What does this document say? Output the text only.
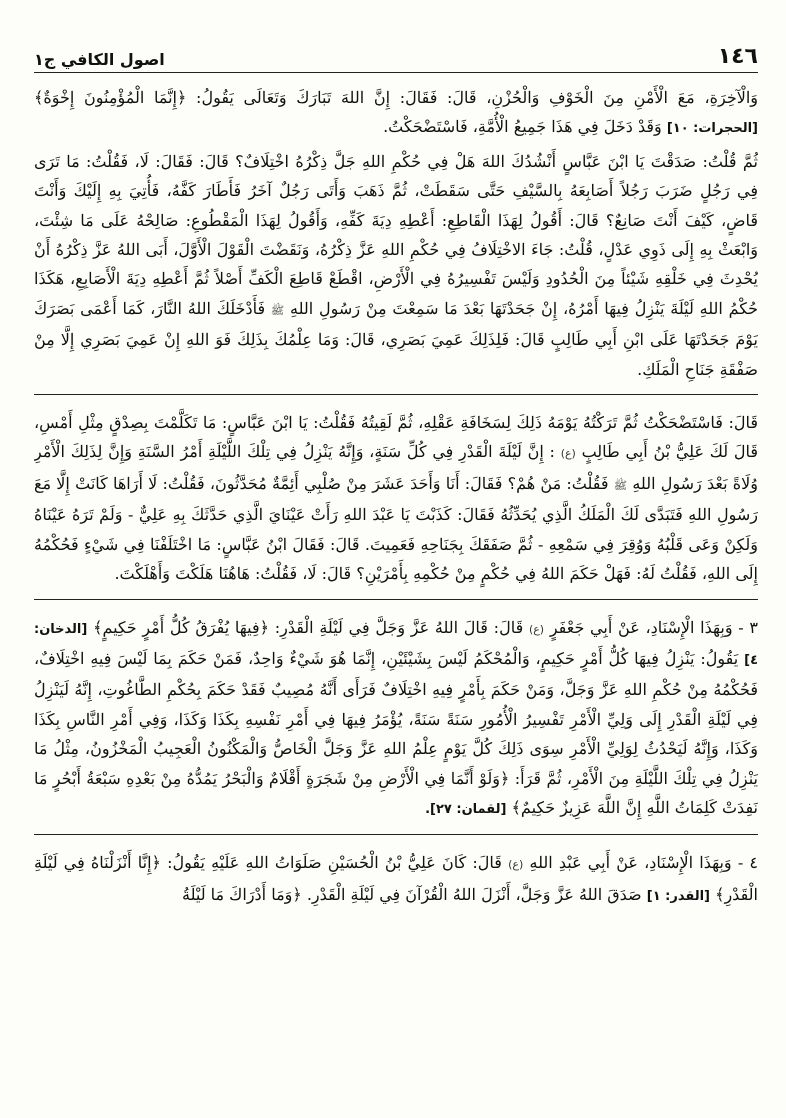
١٤٦
اصول الكافي ج١

وَالْآخِرَةِ، مَعَ الْأَمْنِ مِنَ الْخَوْفِ وَالْحُزْنِ، قَالَ: فَقَالَ: إِنَّ اللهَ تَبَارَكَ وَتَعَالَى يَقُولُ: ﴿إِنَّمَا الْمُؤْمِنُونَ إِخْوَةٌ﴾ [الحجرات: ١٠] وَقَدْ دَخَلَ فِي هَذَا جَمِيعُ الْأُمَّةِ، فَاسْتَضْحَكْتُ.

ثُمَّ قُلْتُ: صَدَقْتَ يَا ابْنَ عَبَّاسٍ أَنْشُدُكَ اللهَ هَلْ فِي حُكْمِ اللهِ جَلَّ ذِكْرُهُ اخْتِلَافٌ؟ قَالَ: فَقَالَ: لَا، فَقُلْتُ: مَا تَرَى فِي رَجُلٍ ضَرَبَ رَجُلاً أَصَابِعَهُ بِالسَّيْفِ حَتَّى سَقَطَتْ، ثُمَّ ذَهَبَ وَأَتَى رَجُلٌ آخَرُ فَأَطَارَ كَفَّهُ، فَأُتِيَ بِهِ إِلَيْكَ وَأَنْتَ قَاضٍ، كَيْفَ أَنْتَ صَانِعٌ؟ قَالَ: أَقُولُ لِهَذَا الْقَاطِعِ: أَعْطِهِ دِيَةَ كَفِّهِ، وَأَقُولُ لِهَذَا الْمَقْطُوعِ: صَالِحْهُ عَلَى مَا شِئْتَ، وَابْعَثْ بِهِ إِلَى ذَوِي عَدْلٍ، قُلْتُ: جَاءَ الاخْتِلَافُ فِي حُكْمِ اللهِ عَزَّ ذِكْرُهُ، وَنَقَضْتَ الْقَوْلَ الْأَوَّلَ، أَبَى اللهُ عَزَّ ذِكْرُهُ أَنْ يُحْدِثَ فِي خَلْقِهِ شَيْئاً مِنَ الْحُدُودِ وَلَيْسَ تَفْسِيرُهُ فِي الْأَرْضِ، اقْطَعْ قَاطِعَ الْكَفِّ أَصْلاً ثُمَّ أَعْطِهِ دِيَةَ الْأَصَابِعِ، هَكَذَا حُكْمُ اللهِ لَيْلَةَ يَنْزِلُ فِيهَا أَمْرُهُ، إِنْ جَحَدْتَهَا بَعْدَ مَا سَمِعْتَ مِنْ رَسُولِ اللهِ ﷺ فَأَدْخَلَكَ اللهُ النَّارَ، كَمَا أَعْمَى بَصَرَكَ يَوْمَ جَحَدْتَهَا عَلَى ابْنِ أَبِي طَالِبٍ قَالَ: فَلِذَلِكَ عَمِيَ بَصَرِي، قَالَ: وَمَا عِلْمُكَ بِذَلِكَ فَوَ اللهِ إِنْ عَمِيَ بَصَرِي إِلَّا مِنْ صَفْقَةِ جَنَاحِ الْمَلَكِ.

قَالَ: فَاسْتَضْحَكْتُ ثُمَّ تَرَكْتُهُ يَوْمَهُ ذَلِكَ لِسَخَافَةِ عَقْلِهِ، ثُمَّ لَقِيتُهُ فَقُلْتُ: يَا ابْنَ عَبَّاسٍ: مَا تَكَلَّمْتَ بِصِدْقٍ مِثْلِ أَمْسِ، قَالَ لَكَ عَلِيُّ بْنُ أَبِي طَالِبٍ (ع) : إِنَّ لَيْلَةَ الْقَدْرِ فِي كُلِّ سَنَةٍ، وَإِنَّهُ يَنْزِلُ فِي تِلْكَ اللَّيْلَةِ أَمْرُ السَّنَةِ وَإِنَّ لِذَلِكَ الْأَمْرِ وُلَاةً بَعْدَ رَسُولِ اللهِ ﷺ فَقُلْتُ: مَنْ هُمْ؟ فَقَالَ: أَنَا وَأَحَدَ عَشَرَ مِنْ صُلْبِي أَئِمَّةٌ مُحَدَّثُونَ، فَقُلْتُ: لَا أَرَاهَا كَانَتْ إِلَّا مَعَ رَسُولِ اللهِ فَتَبَدَّى لَكَ الْمَلَكُ الَّذِي يُحَدِّثُهُ فَقَالَ: كَذَبْتَ يَا عَبْدَ اللهِ رَأَتْ عَيْنَايَ الَّذِي حَدَّثَكَ بِهِ عَلِيٌّ - وَلَمْ تَرَهُ عَيْنَاهُ وَلَكِنْ وَعَى قَلْبُهُ وَوُقِرَ فِي سَمْعِهِ - ثُمَّ صَفَقَكَ بِجَنَاحِهِ فَعَمِيتَ. قَالَ: فَقَالَ ابْنُ عَبَّاسٍ: مَا اخْتَلَفْنَا فِي شَيْءٍ فَحُكْمُهُ إِلَى اللهِ، فَقُلْتُ لَهُ: فَهَلْ حَكَمَ اللهُ فِي حُكْمٍ مِنْ حُكْمِهِ بِأَمْرَيْنِ؟ قَالَ: لَا، فَقُلْتُ: هَاهُنَا هَلَكْتَ وَأَهْلَكْتَ.

٣ - وَبِهَذَا الْإِسْنَادِ، عَنْ أَبِي جَعْفَرٍ (ع) قَالَ: قَالَ اللهُ عَزَّ وَجَلَّ فِي لَيْلَةِ الْقَدْرِ: ﴿فِيهَا يُفْرَقُ كُلُّ أَمْرٍ حَكِيمٍ﴾ [الدخان: ٤] يَقُولُ: يَنْزِلُ فِيهَا كُلُّ أَمْرٍ حَكِيمٍ، وَالْمُحْكَمُ لَيْسَ بِشَيْئَيْنِ، إِنَّمَا هُوَ شَيْءٌ وَاحِدٌ، فَمَنْ حَكَمَ بِمَا لَيْسَ فِيهِ اخْتِلَافٌ، فَحُكْمُهُ مِنْ حُكْمِ اللهِ عَزَّ وَجَلَّ، وَمَنْ حَكَمَ بِأَمْرٍ فِيهِ اخْتِلَافٌ فَرَأَى أَنَّهُ مُصِيبٌ فَقَدْ حَكَمَ بِحُكْمِ الطَّاغُوتِ، إِنَّهُ لَيَنْزِلُ فِي لَيْلَةِ الْقَدْرِ إِلَى وَلِيِّ الْأَمْرِ تَفْسِيرُ الْأُمُورِ سَنَةً سَنَةً، يُؤْمَرُ فِيهَا فِي أَمْرِ نَفْسِهِ بِكَذَا وَكَذَا، وَفِي أَمْرِ النَّاسِ بِكَذَا وَكَذَا، وَإِنَّهُ لَيَحْدُثُ لِوَلِيِّ الْأَمْرِ سِوَى ذَلِكَ كُلَّ يَوْمٍ عِلْمُ اللهِ عَزَّ وَجَلَّ الْخَاصُّ وَالْمَكْنُونُ الْعَجِيبُ الْمَخْزُونُ، مِثْلُ مَا يَنْزِلُ فِي تِلْكَ اللَّيْلَةِ مِنَ الْأَمْرِ، ثُمَّ قَرَأَ: ﴿وَلَوْ أَنَّمَا فِي الْأَرْضِ مِنْ شَجَرَةٍ أَقْلَامٌ وَالْبَحْرُ يَمُدُّهُ مِنْ بَعْدِهِ سَبْعَةُ أَبْحُرٍ مَا نَفِدَتْ كَلِمَاتُ اللَّهِ إِنَّ اللَّهَ عَزِيزٌ حَكِيمٌ﴾ [لقمان: ٢٧].

٤ - وَبِهَذَا الْإِسْنَادِ، عَنْ أَبِي عَبْدِ اللهِ (ع) قَالَ: كَانَ عَلِيُّ بْنُ الْحُسَيْنِ صَلَوَاتُ اللهِ عَلَيْهِ يَقُولُ: ﴿إِنَّا أَنْزَلْنَاهُ فِي لَيْلَةِ الْقَدْرِ﴾ [القدر: ١] صَدَقَ اللهُ عَزَّ وَجَلَّ، أَنْزَلَ اللهُ الْقُرْآنَ فِي لَيْلَةِ الْقَدْرِ. ﴿وَمَا أَدْرَاكَ مَا لَيْلَةُ
